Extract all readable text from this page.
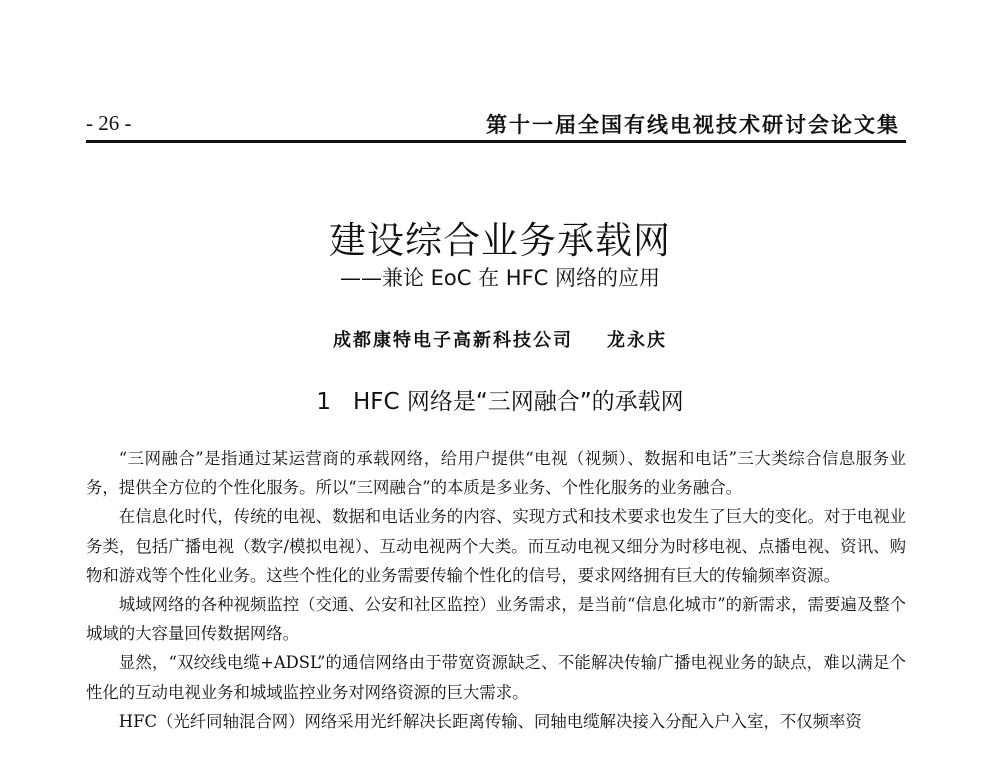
- 26 -	第十一届全国有线电视技术研讨会论文集
建设综合业务承载网
——兼论 EoC 在 HFC 网络的应用
成都康特电子高新科技公司 龙永庆
1 HFC 网络是“三网融合”的承载网

“三网融合”是指通过某运营商的承载网络，给用户提供“电视（视频）、数据和电话”三大类综合信息服务业务，提供全方位的个性化服务。所以“三网融合”的本质是多业务、个性化服务的业务融合。

在信息化时代，传统的电视、数据和电话业务的内容、实现方式和技术要求也发生了巨大的变化。对于电视业务类，包括广播电视（数字/模拟电视）、互动电视两个大类。而互动电视又细分为时移电视、点播电视、资讯、购物和游戏等个性化业务。这些个性化的业务需要传输个性化的信号，要求网络拥有巨大的传输频率资源。

城域网络的各种视频监控（交通、公安和社区监控）业务需求，是当前“信息化城市”的新需求，需要遍及整个城域的大容量回传数据网络。

显然，“双绞线电缆+ADSL”的通信网络由于带宽资源缺乏、不能解决传输广播电视业务的缺点，难以满足个性化的互动电视业务和城域监控业务对网络资源的巨大需求。

HFC（光纤同轴混合网）网络采用光纤解决长距离传输、同轴电缆解决接入分配入户入室，不仅频率资
